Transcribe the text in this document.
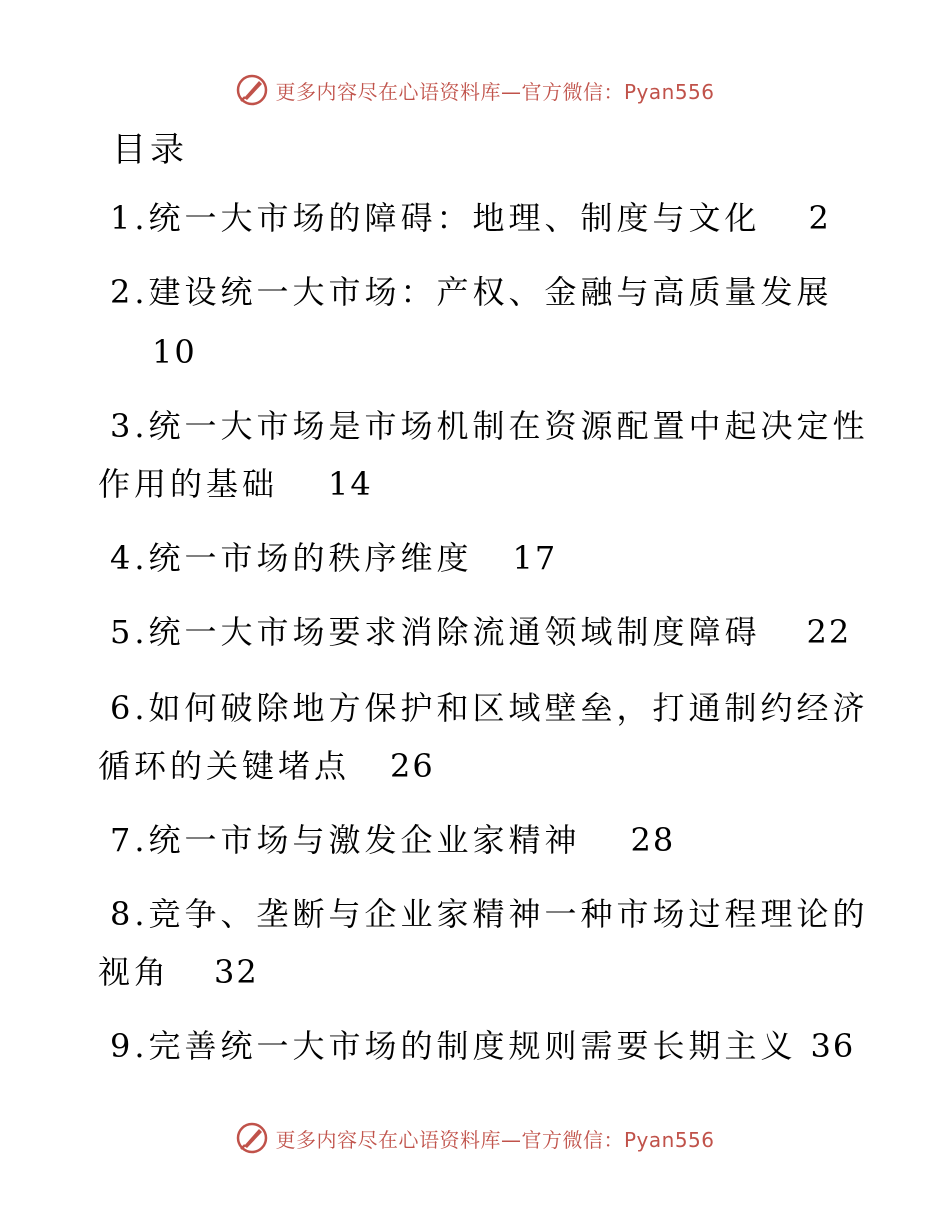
更多内容尽在心语资料库—官方微信：Pyan556
目录
1.统一大市场的障碍：地理、制度与文化 2
2.建设统一大市场：产权、金融与高质量发展
10
3.统一大市场是市场机制在资源配置中起决定性
作用的基础 14
4.统一市场的秩序维度 17
5.统一大市场要求消除流通领域制度障碍 22
6.如何破除地方保护和区域壁垒，打通制约经济
循环的关键堵点 26
7.统一市场与激发企业家精神 28
8.竞争、垄断与企业家精神一种市场过程理论的
视角 32
9.完善统一大市场的制度规则需要长期主义 36
更多内容尽在心语资料库—官方微信：Pyan556
